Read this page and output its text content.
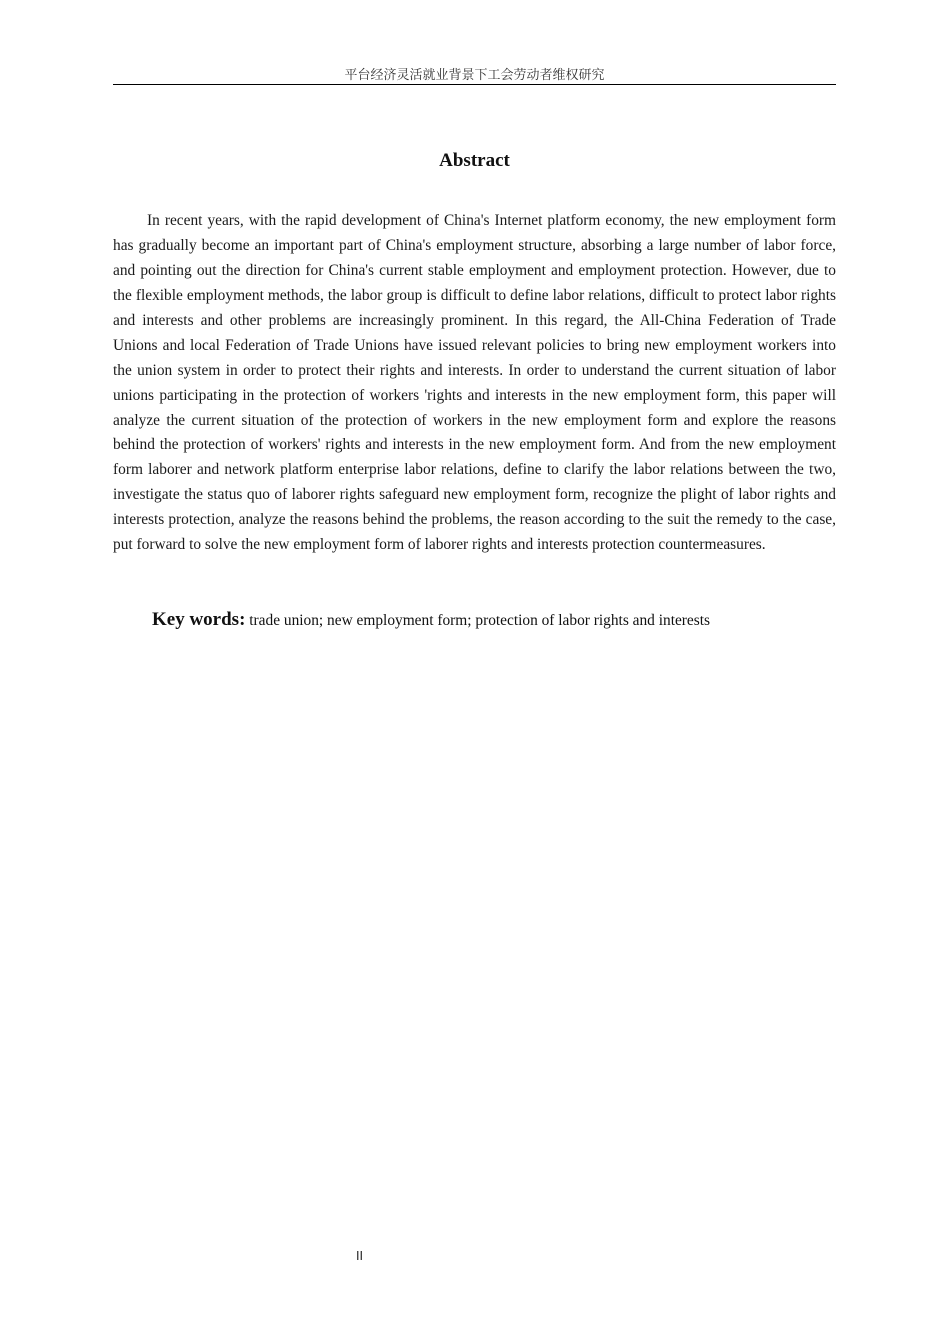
平台经济灵活就业背景下工会劳动者维权研究
Abstract

In recent years, with the rapid development of China's Internet platform economy, the new employment form has gradually become an important part of China's employment structure, absorbing a large number of labor force, and pointing out the direction for China's current stable employment and employment protection. However, due to the flexible employment methods, the labor group is difficult to define labor relations, difficult to protect labor rights and interests and other problems are increasingly prominent. In this regard, the All-China Federation of Trade Unions and local Federation of Trade Unions have issued relevant policies to bring new employment workers into the union system in order to protect their rights and interests. In order to understand the current situation of labor unions participating in the protection of workers 'rights and interests in the new employment form, this paper will analyze the current situation of the protection of workers in the new employment form and explore the reasons behind the protection of workers' rights and interests in the new employment form. And from the new employment form laborer and network platform enterprise labor relations, define to clarify the labor relations between the two, investigate the status quo of laborer rights safeguard new employment form, recognize the plight of labor rights and interests protection, analyze the reasons behind the problems, the reason according to the suit the remedy to the case, put forward to solve the new employment form of laborer rights and interests protection countermeasures.

Key words: trade union; new employment form; protection of labor rights and interests

II
